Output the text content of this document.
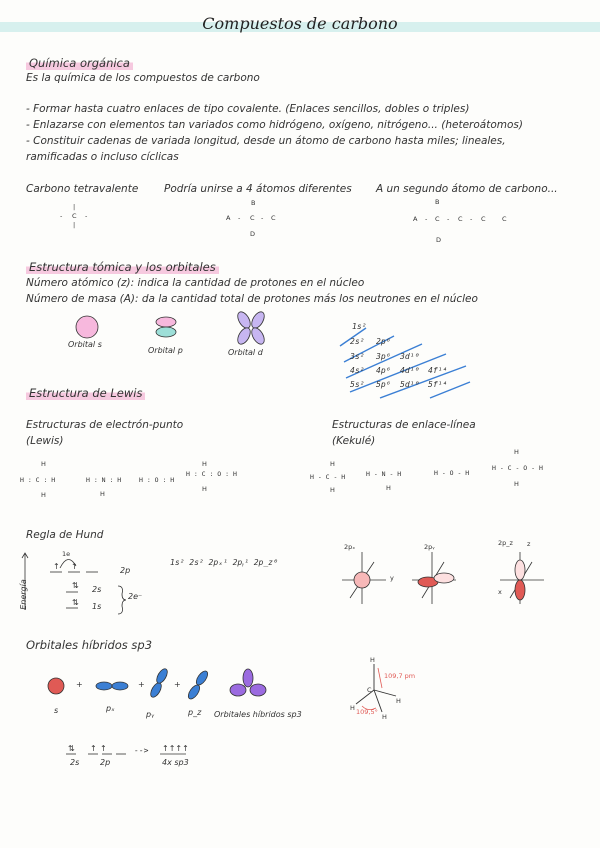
Compuestos de carbono
Química orgánica
Es la química de los compuestos de carbono
- Formar hasta cuatro enlaces de tipo covalente. (Enlaces sencillos, dobles o triples)
- Enlazarse con elementos tan variados como hidrógeno, oxígeno, nitrógeno... (heteroátomos)
- Constituir cadenas de variada longitud, desde un átomo de carbono hasta miles; lineales,
ramificadas o incluso cíclicas
Carbono tetravalente Podría unirse a 4 átomos diferentes A un segundo átomo de carbono...
- C -
|
|	B
A - C - C
D
B
A - C - C - C	C
D
Estructura tómica y los orbitales
Número atómico (z): indica la cantidad de protones en el núcleo
Número de masa (A): da la cantidad total de protones más los neutrones en el núcleo
Orbital s
Orbital p	Orbital d
1s²
2s² 2p⁶
3s² 3p⁶ 3d¹⁰
4s² 4p⁶ 4d¹⁰ 4f¹⁴
5s² 5p⁶ 5d¹⁰ 5f¹⁴
Estructura de Lewis
Estructuras de electrón-punto
(Lewis)
Estructuras de enlace-línea
(Kekulé)
H
H : C : H
H
H : N : H
H
H : O : H
H
H : C : O : H
H
H
H - C - H
H
H - N - H
H
H - O - H
H
H - C - O - H
H
Regla de Hund
Energía
1e
↑ ↑
⇅
⇅
2p
2s
1s
2e⁻
1s² 2s² 2pₓ¹ 2pᵧ¹ 2p_z⁰
2pₓ	2pᵧ	2p_z
x
y
z
Orbitales híbridos sp3
+	+	+
s	pₓ
pᵧ	p_z Orbitales híbridos sp3
H
C
H
H
H
109,7 pm
109,5°
⇅ ↑ ↑
2s	2p
--> ↑↑↑↑
4x sp3
